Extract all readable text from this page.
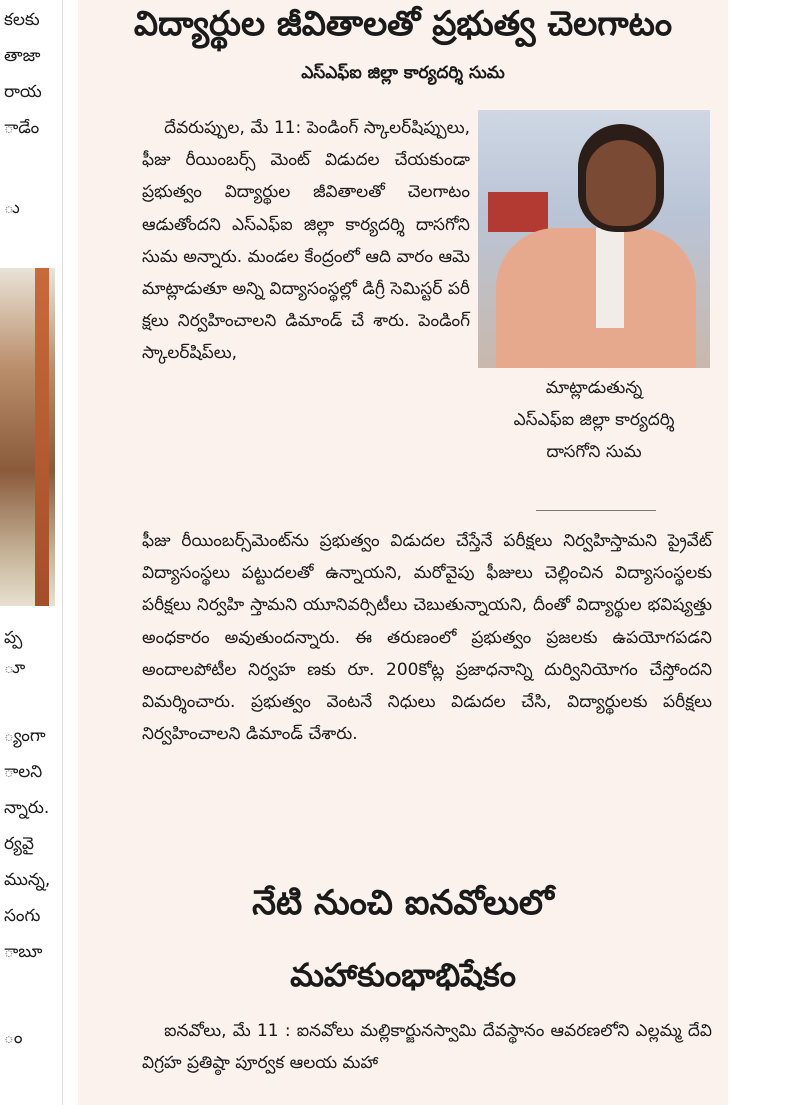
కలకు
తాజా
రాయ
ాడేం
ు
ప్ప
ూ
్యంగా
ాలని
న్నారు.
ర్యవై
మున్న,
సంగు
ాబూ
ం
విద్యార్థుల జీవితాలతో ప్రభుత్వ చెలగాటం
ఎస్ఎఫ్ఐ జిల్లా కార్యదర్శి సుమ

దేవరుప్పుల, మే 11: పెండింగ్ స్కాలర్‌షిప్పులు, ఫీజు రీయింబర్స్ మెంట్ విడుదల చేయకుండా ప్రభుత్వం విద్యార్థుల జీవితాలతో చెలగాటం ఆడుతోందని ఎస్ఎఫ్ఐ జిల్లా కార్యదర్శి దాసగోని సుమ అన్నారు. మండల కేంద్రంలో ఆది వారం ఆమె మాట్లాడుతూ అన్ని విద్యాసంస్థల్లో డిగ్రీ సెమిస్టర్ పరీ క్షలు నిర్వహించాలని డిమాండ్ చే శారు. పెండింగ్ స్కాలర్‌షిప్‌లు,

మాట్లాడుతున్న
ఎస్ఎఫ్ఐ జిల్లా కార్యదర్శి
దాసగోని సుమ
ఫీజు రీయింబర్స్‌మెంట్‌ను ప్రభుత్వం విడుదల చేస్తేనే పరీక్షలు నిర్వహిస్తామని ప్రైవేట్ విద్యాసంస్థలు పట్టుదలతో ఉన్నాయని, మరోవైపు ఫీజులు చెల్లించిన విద్యాసంస్థలకు పరీక్షలు నిర్వహి స్తామని యూనివర్సిటీలు చెబుతున్నాయని, దీంతో విద్యార్థుల భవిష్యత్తు అంధకారం అవుతుందన్నారు. ఈ తరుణంలో ప్రభుత్వం ప్రజలకు ఉపయోగపడని అందాలపోటీల నిర్వహ ణకు రూ. 200కోట్ల ప్రజాధనాన్ని దుర్వినియోగం చేస్తోందని విమర్శించారు. ప్రభుత్వం వెంటనే నిధులు విడుదల చేసి, విద్యార్థులకు పరీక్షలు నిర్వహించాలని డిమాండ్ చేశారు.
నేటి నుంచి ఐనవోలులో
మహాకుంభాభిషేకం
ఐనవోలు, మే 11 : ఐనవోలు మల్లికార్జునస్వామి దేవస్థానం ఆవరణలోని ఎల్లమ్మ దేవి విగ్రహ ప్రతిష్ఠా పూర్వక ఆలయ మహా
